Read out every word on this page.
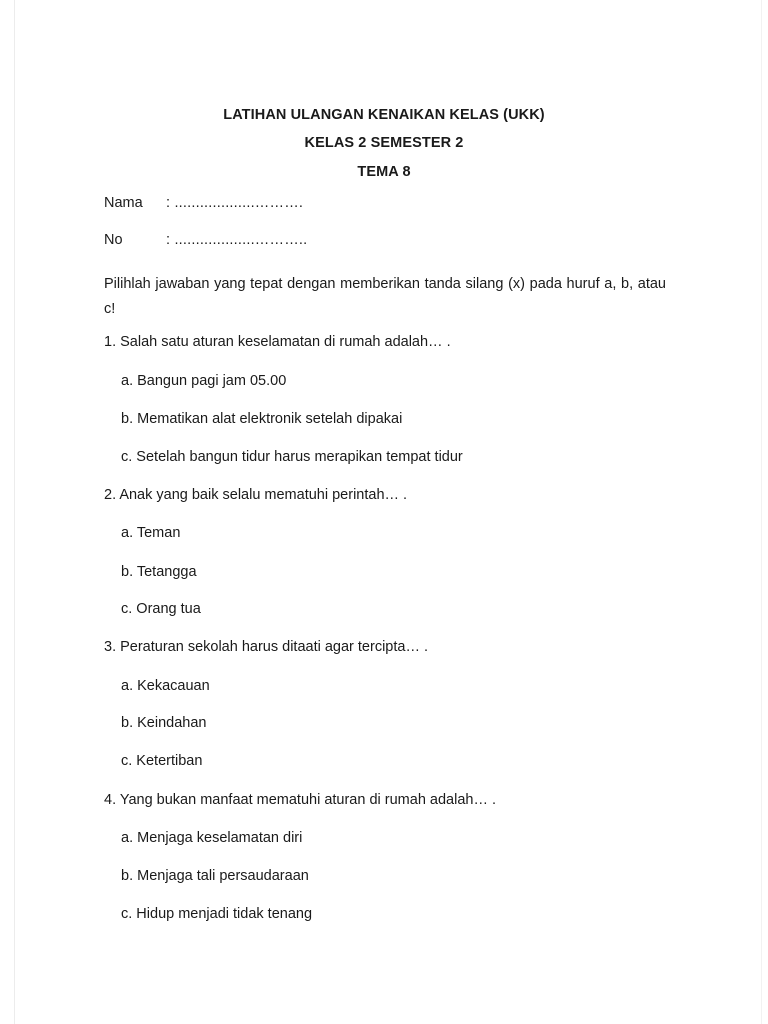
LATIHAN ULANGAN KENAIKAN KELAS (UKK)
KELAS 2 SEMESTER 2
TEMA 8
Nama	: ...................……….
No	: ...................………..
Pilihlah jawaban yang tepat dengan memberikan tanda silang (x) pada huruf a, b, atau c!
1. Salah satu aturan keselamatan di rumah adalah… .
a. Bangun pagi jam 05.00
b. Mematikan alat elektronik setelah dipakai
c. Setelah bangun tidur harus merapikan tempat tidur
2. Anak yang baik selalu mematuhi perintah… .
a. Teman
b. Tetangga
c. Orang tua
3. Peraturan sekolah harus ditaati agar tercipta… .
a. Kekacauan
b. Keindahan
c. Ketertiban
4. Yang bukan manfaat mematuhi aturan di rumah adalah… .
a. Menjaga keselamatan diri
b. Menjaga tali persaudaraan
c. Hidup menjadi tidak tenang
